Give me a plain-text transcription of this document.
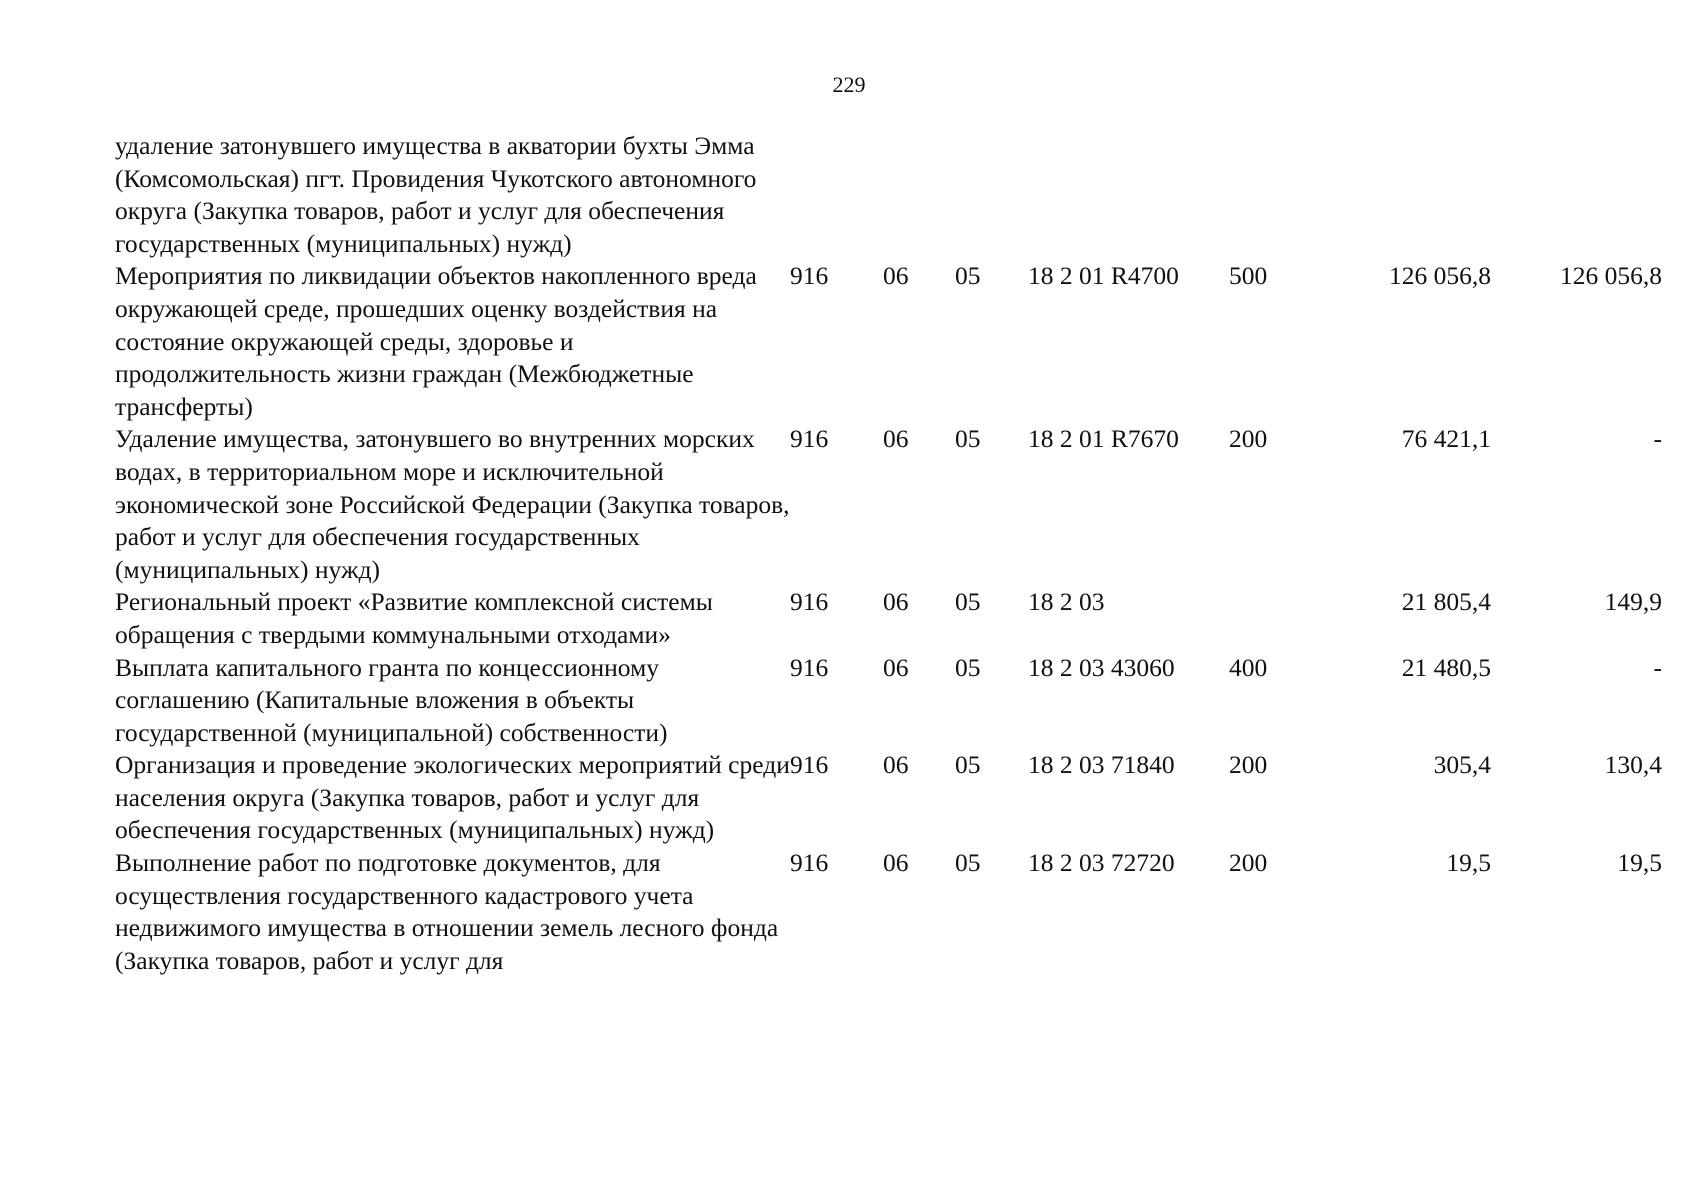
229
удаление затонувшего имущества в акватории бухты Эмма (Комсомольская) пгт. Провидения Чукотского автономного округа (Закупка товаров, работ и услуг для обеспечения государственных (муниципальных) нужд)							
Мероприятия по ликвидации объектов накопленного вреда окружающей среде, прошедших оценку воздействия на состояние окружающей среды, здоровье и продолжительность жизни граждан (Межбюджетные трансферты)	916	06	05	18 2 01 R4700	500	126 056,8	126 056,8
Удаление имущества, затонувшего во внутренних морских водах, в территориальном море и исключительной экономической зоне Российской Федерации (Закупка товаров, работ и услуг для обеспечения государственных (муниципальных) нужд)	916	06	05	18 2 01 R7670	200	76 421,1	-
Региональный проект «Развитие комплексной системы обращения с твердыми коммунальными отходами»	916	06	05	18 2 03		21 805,4	149,9
Выплата капитального гранта по концессионному соглашению (Капитальные вложения в объекты государственной (муниципальной) собственности)	916	06	05	18 2 03 43060	400	21 480,5	-
Организация и проведение экологических мероприятий среди населения округа (Закупка товаров, работ и услуг для обеспечения государственных (муниципальных) нужд)	916	06	05	18 2 03 71840	200	305,4	130,4
Выполнение работ по подготовке документов, для осуществления государственного кадастрового учета недвижимого имущества в отношении земель лесного фонда (Закупка товаров, работ и услуг для	916	06	05	18 2 03 72720	200	19,5	19,5
